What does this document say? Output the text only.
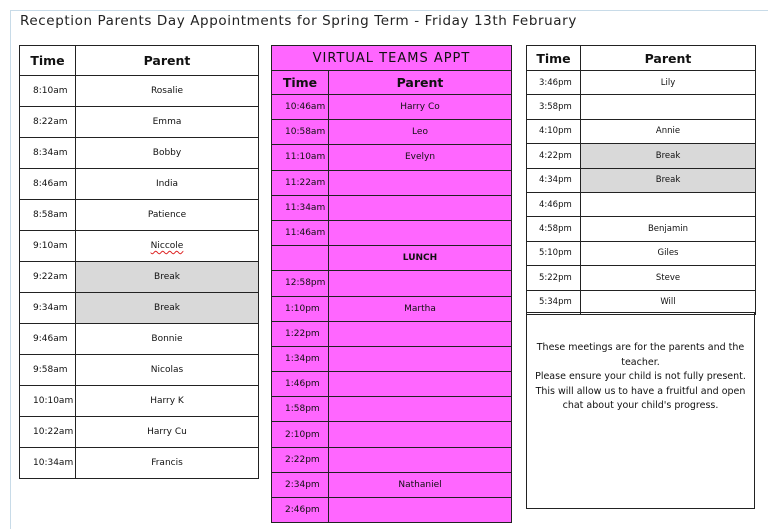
Reception Parents Day Appointments for Spring Term - Friday 13th February
Time	Parent
8:10am	Rosalie
8:22am	Emma
8:34am	Bobby
8:46am	India
8:58am	Patience
9:10am	Niccole
9:22am	Break
9:34am	Break
9:46am	Bonnie
9:58am	Nicolas
10:10am	Harry K
10:22am	Harry Cu
10:34am	Francis
VIRTUAL TEAMS APPT	
Time	Parent
10:46am	Harry Co
10:58am	Leo
11:10am	Evelyn
11:22am	
11:34am	
11:46am	
	LUNCH
12:58pm	
1:10pm	Martha
1:22pm	
1:34pm	
1:46pm	
1:58pm	
2:10pm	
2:22pm	
2:34pm	Nathaniel
2:46pm	
Time	Parent
3:46pm	Lily
3:58pm	
4:10pm	Annie
4:22pm	Break
4:34pm	Break
4:46pm	
4:58pm	Benjamin
5:10pm	Giles
5:22pm	Steve
5:34pm	Will

These meetings are for the parents and the

teacher.

Please ensure your child is not fully present. This will allow us to have a fruitful and open chat about your child's progress.
